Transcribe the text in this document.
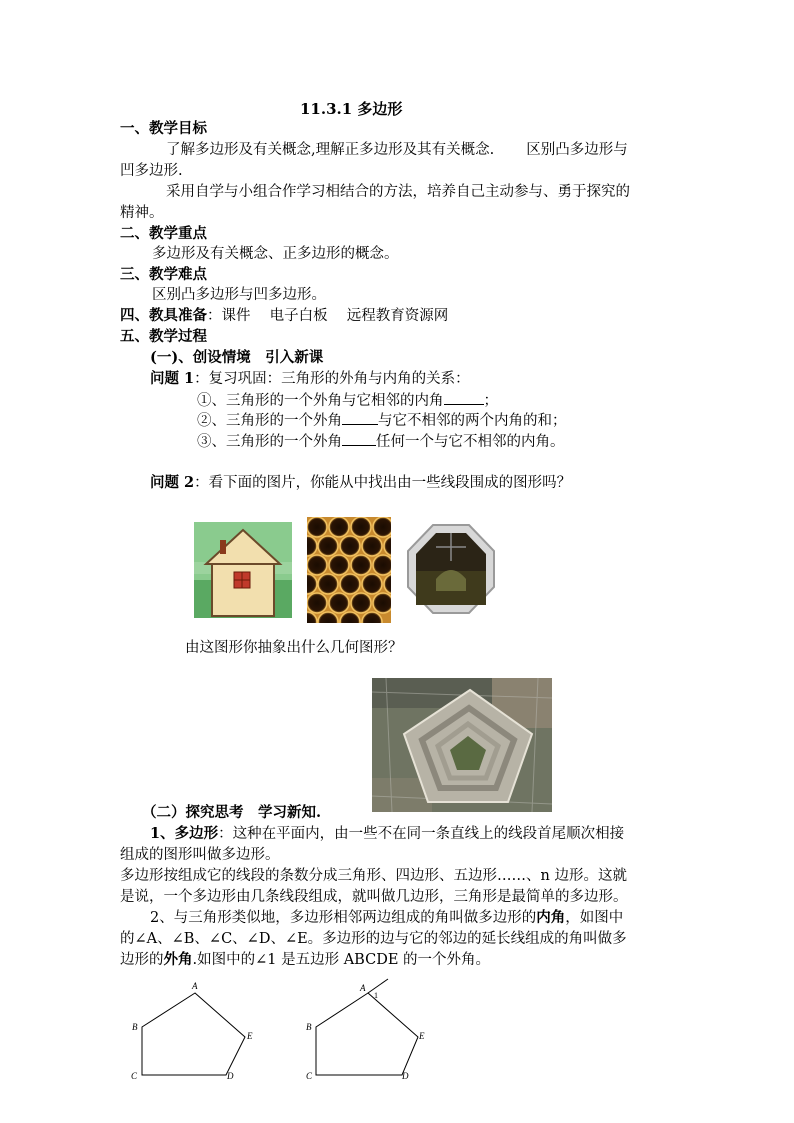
11.3.1 多边形
一、教学目标
了解多边形及有关概念,理解正多边形及其有关概念. 区别凸多边形与
凹多边形.
采用自学与小组合作学习相结合的方法，培养自己主动参与、勇于探究的
精神。
二、教学重点
多边形及有关概念、正多边形的概念。
三、教学难点
区别凸多边形与凹多边形。
四、教具准备：课件　 电子白板　 远程教育资源网
五、教学过程
(一)、创设情境　引入新课
问题 1：复习巩固：三角形的外角与内角的关系：
①、三角形的一个外角与它相邻的内角	；
②、三角形的一个外角 与它不相邻的两个内角的和；
③、三角形的一个外角 任何一个与它不相邻的内角。
问题 2：看下面的图片，你能从中找出由一些线段围成的图形吗？
由这图形你抽象出什么几何图形？
（二）探究思考　学习新知.
1、多边形：这种在平面内，由一些不在同一条直线上的线段首尾顺次相接
组成的图形叫做多边形。
多边形按组成它的线段的条数分成三角形、四边形、五边形……、n 边形。这就
是说，一个多边形由几条线段组成，就叫做几边形，三角形是最简单的多边形。
2、与三角形类似地，多边形相邻两边组成的角叫做多边形的内角，如图中
的∠A、∠B、∠C、∠D、∠E。多边形的边与它的邻边的延长线组成的角叫做多
边形的外角.如图中的∠1 是五边形 ABCDE 的一个外角。
A
B
C	D
E
A
B
C	D
E
1
